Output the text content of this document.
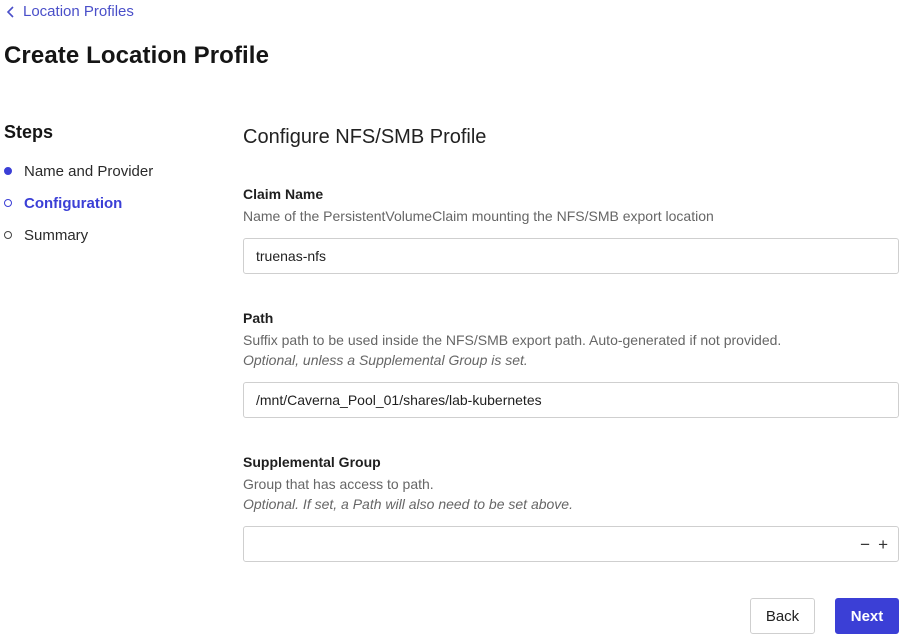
Location Profiles
Create Location Profile
Steps
Name and Provider
Configuration
Summary
Configure NFS/SMB Profile
Claim Name
Name of the PersistentVolumeClaim mounting the NFS/SMB export location
truenas-nfs
Path
Suffix path to be used inside the NFS/SMB export path. Auto-generated if not provided.
Optional, unless a Supplemental Group is set.
/mnt/Caverna_Pool_01/shares/lab-kubernetes
Supplemental Group
Group that has access to path.
Optional. If set, a Path will also need to be set above.
− +
Back	Next
